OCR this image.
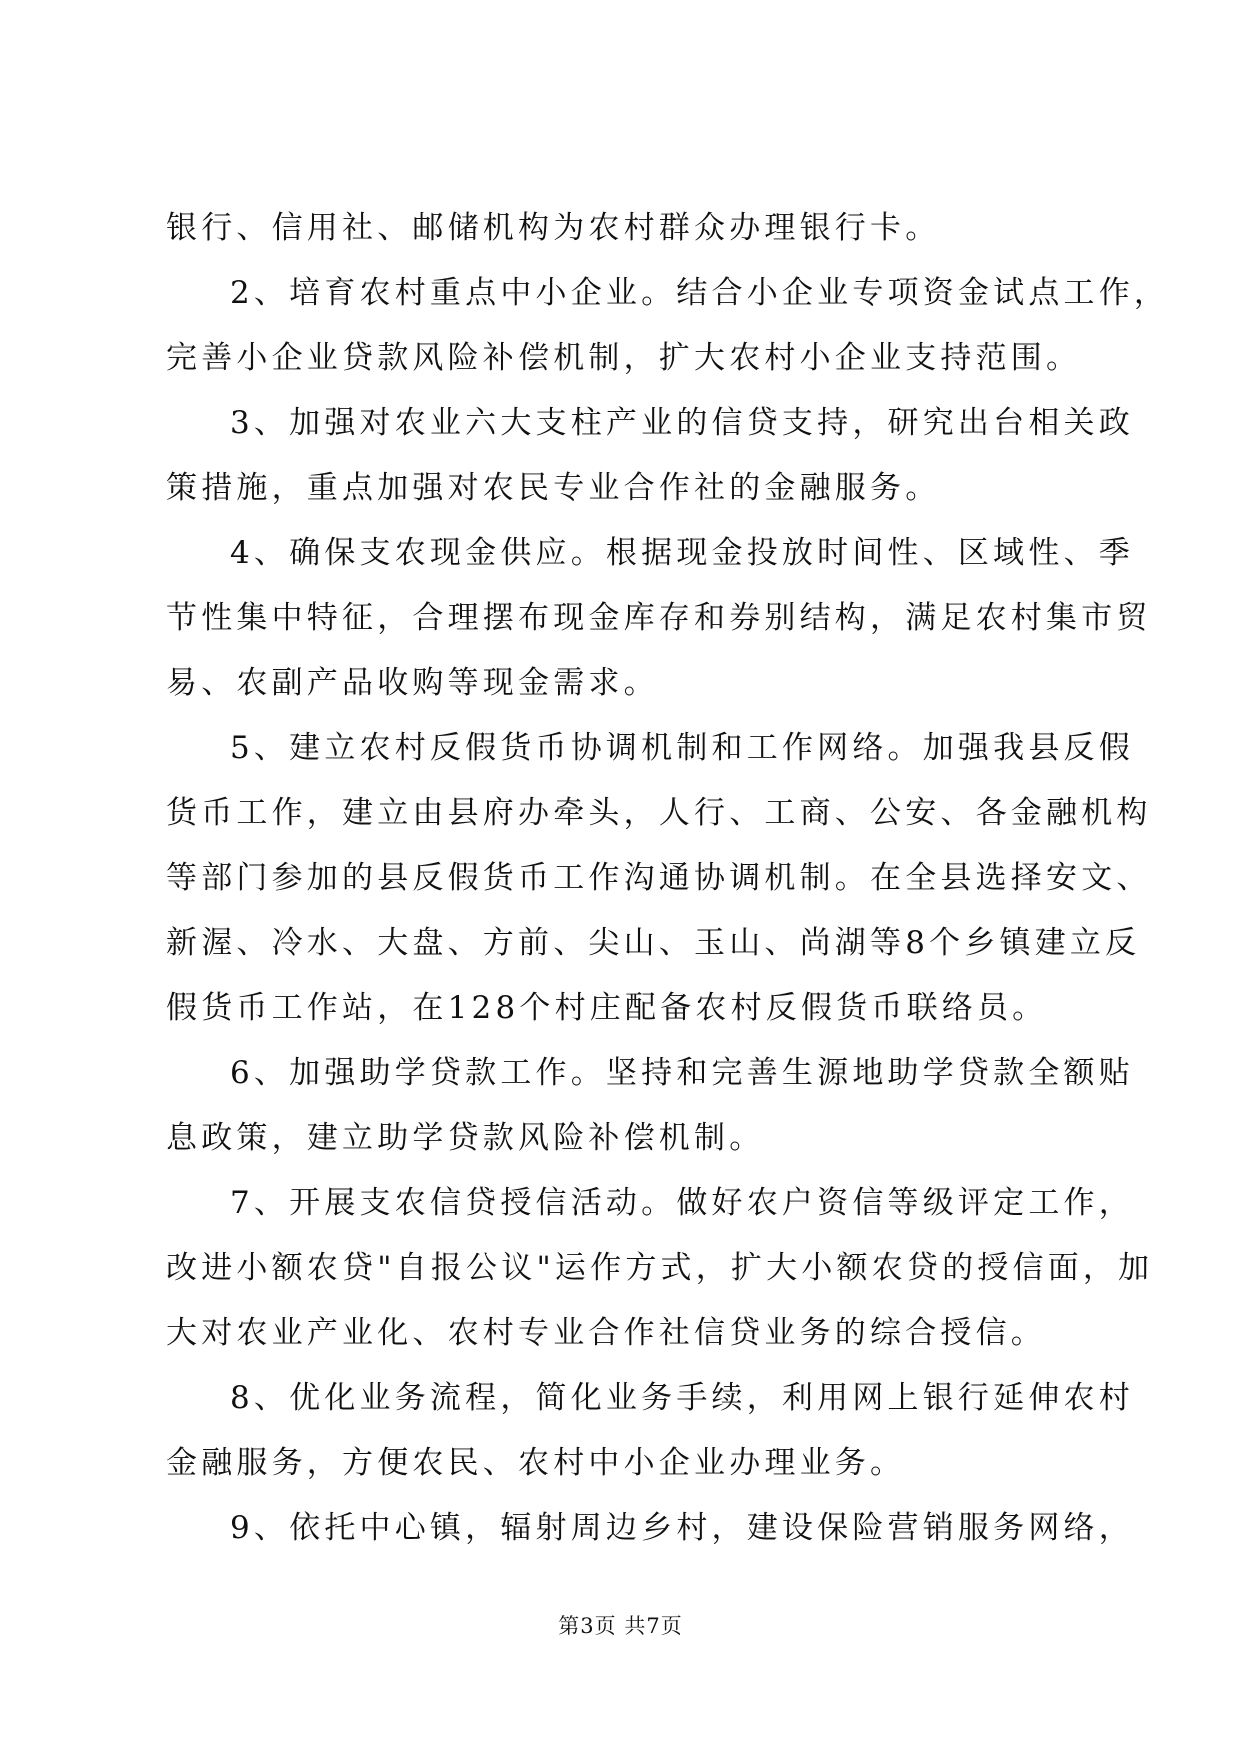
银行、信用社、邮储机构为农村群众办理银行卡。
2、培育农村重点中小企业。结合小企业专项资金试点工作，
完善小企业贷款风险补偿机制，扩大农村小企业支持范围。
3、加强对农业六大支柱产业的信贷支持，研究出台相关政
策措施，重点加强对农民专业合作社的金融服务。
4、确保支农现金供应。根据现金投放时间性、区域性、季
节性集中特征，合理摆布现金库存和券别结构，满足农村集市贸
易、农副产品收购等现金需求。
5、建立农村反假货币协调机制和工作网络。加强我县反假
货币工作，建立由县府办牵头，人行、工商、公安、各金融机构
等部门参加的县反假货币工作沟通协调机制。在全县选择安文、
新渥、冷水、大盘、方前、尖山、玉山、尚湖等8个乡镇建立反
假货币工作站，在128个村庄配备农村反假货币联络员。
6、加强助学贷款工作。坚持和完善生源地助学贷款全额贴
息政策，建立助学贷款风险补偿机制。
7、开展支农信贷授信活动。做好农户资信等级评定工作，
改进小额农贷"自报公议"运作方式，扩大小额农贷的授信面，加
大对农业产业化、农村专业合作社信贷业务的综合授信。
8、优化业务流程，简化业务手续，利用网上银行延伸农村
金融服务，方便农民、农村中小企业办理业务。
9、依托中心镇，辐射周边乡村，建设保险营销服务网络，
第3页 共7页
